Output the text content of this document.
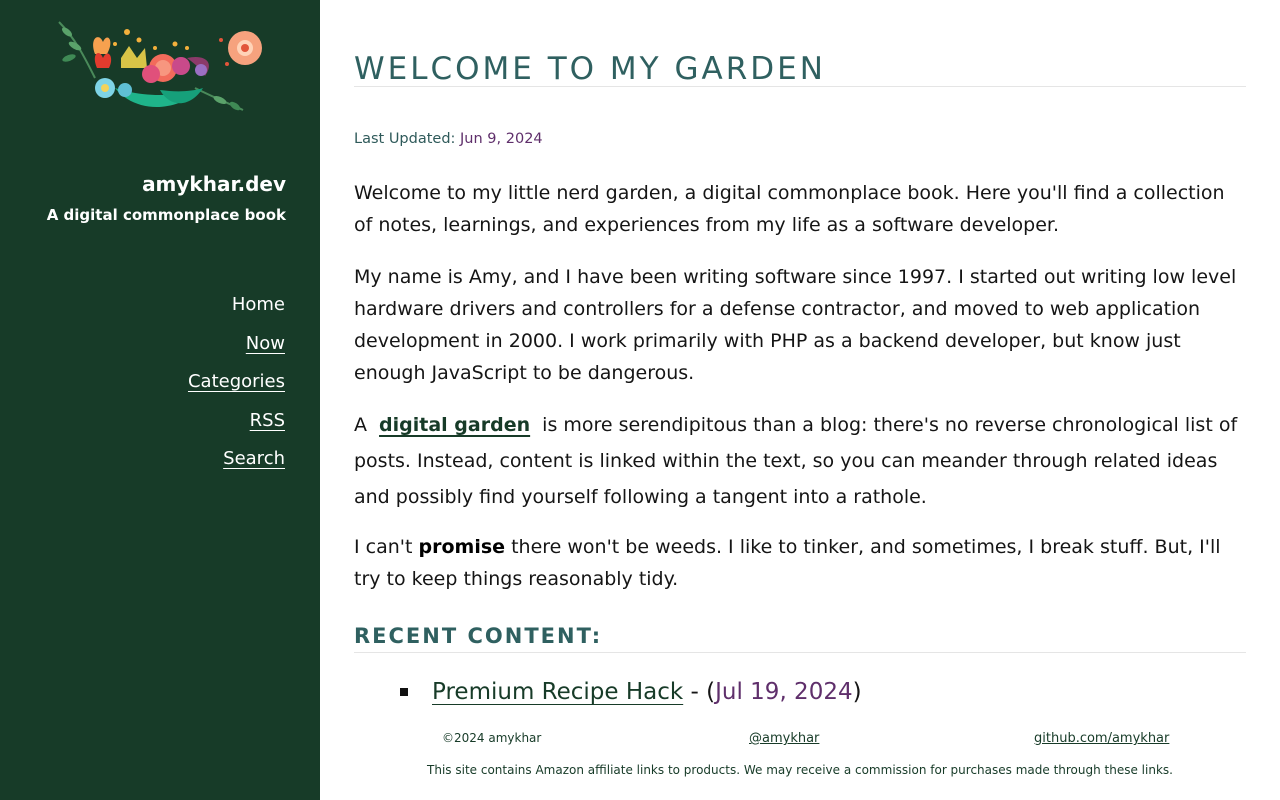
amykhar.dev
A digital commonplace book
Home
Now
Categories
RSS
Search
WELCOME TO MY GARDEN
Last Updated: Jun 9, 2024

Welcome to my little nerd garden, a digital commonplace book. Here you'll find a collection of notes, learnings, and experiences from my life as a software developer.

My name is Amy, and I have been writing software since 1997. I started out writing low level hardware drivers and controllers for a defense contractor, and moved to web application development in 2000. I work primarily with PHP as a backend developer, but know just enough JavaScript to be dangerous.

A digital garden is more serendipitous than a blog: there's no reverse chronological list of posts. Instead, content is linked within the text, so you can meander through related ideas and possibly find yourself following a tangent into a rathole.

I can't promise there won't be weeds. I like to tinker, and sometimes, I break stuff. But, I'll try to keep things reasonably tidy.

RECENT CONTENT:
Premium Recipe Hack - (Jul 19, 2024)
©2024 amykhar	@amykhar	github.com/amykhar
This site contains Amazon affiliate links to products. We may receive a commission for purchases made through these links.
